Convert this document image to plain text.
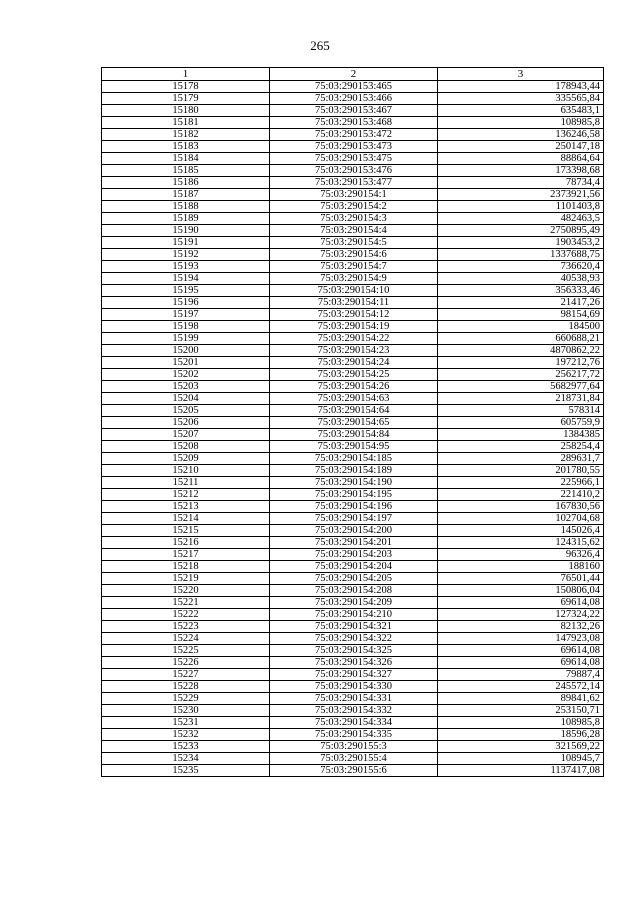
265
1	2	3
15178	75:03:290153:465	178943,44
15179	75:03:290153:466	335565,84
15180	75:03:290153:467	635483,1
15181	75:03:290153:468	108985,8
15182	75:03:290153:472	136246,58
15183	75:03:290153:473	250147,18
15184	75:03:290153:475	88864,64
15185	75:03:290153:476	173398,68
15186	75:03:290153:477	78734,4
15187	75:03:290154:1	2373921,56
15188	75:03:290154:2	1101403,8
15189	75:03:290154:3	482463,5
15190	75:03:290154:4	2750895,49
15191	75:03:290154:5	1903453,2
15192	75:03:290154:6	1337688,75
15193	75:03:290154:7	736620,4
15194	75:03:290154:9	40538,93
15195	75:03:290154:10	356333,46
15196	75:03:290154:11	21417,26
15197	75:03:290154:12	98154,69
15198	75:03:290154:19	184500
15199	75:03:290154:22	660688,21
15200	75:03:290154:23	4870862,22
15201	75:03:290154:24	197212,76
15202	75:03:290154:25	256217,72
15203	75:03:290154:26	5682977,64
15204	75:03:290154:63	218731,84
15205	75:03:290154:64	578314
15206	75:03:290154:65	605759,9
15207	75:03:290154:84	1384385
15208	75:03:290154:95	258254,4
15209	75:03:290154:185	289631,7
15210	75:03:290154:189	201780,55
15211	75:03:290154:190	225966,1
15212	75:03:290154:195	221410,2
15213	75:03:290154:196	167830,56
15214	75:03:290154:197	102704,68
15215	75:03:290154:200	145026,4
15216	75:03:290154:201	124315,62
15217	75:03:290154:203	96326,4
15218	75:03:290154:204	188160
15219	75:03:290154:205	76501,44
15220	75:03:290154:208	150806,04
15221	75:03:290154:209	69614,08
15222	75:03:290154:210	127324,22
15223	75:03:290154:321	82132,26
15224	75:03:290154:322	147923,08
15225	75:03:290154:325	69614,08
15226	75:03:290154:326	69614,08
15227	75:03:290154:327	79887,4
15228	75:03:290154:330	245572,14
15229	75:03:290154:331	89841,62
15230	75:03:290154:332	253150,71
15231	75:03:290154:334	108985,8
15232	75:03:290154:335	18596,28
15233	75:03:290155:3	321569,22
15234	75:03:290155:4	108945,7
15235	75:03:290155:6	1137417,08
